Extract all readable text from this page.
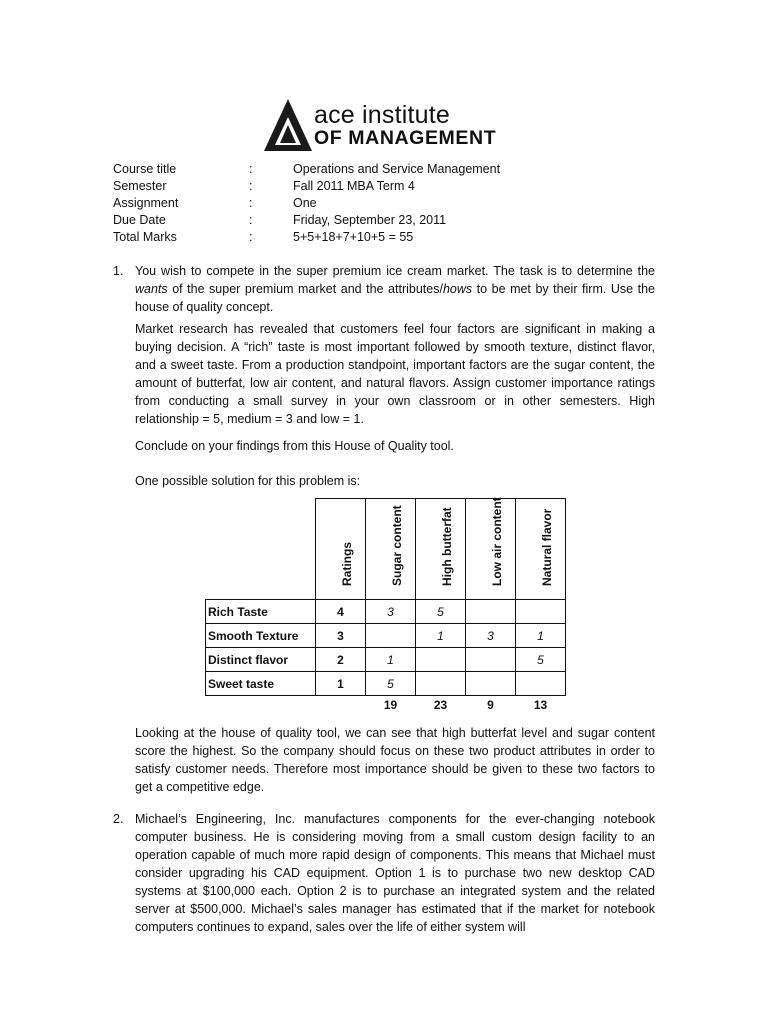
ace institute
OF MANAGEMENT
Course title	:	Operations and Service Management
Semester	:	Fall 2011 MBA Term 4
Assignment	:	One
Due Date	:	Friday, September 23, 2011
Total Marks	:	5+5+18+7+10+5 = 55
1. You wish to compete in the super premium ice cream market. The task is to determine the wants of the super premium market and the attributes/hows to be met by their firm. Use the house of quality concept.
Market research has revealed that customers feel four factors are significant in making a buying decision. A “rich” taste is most important followed by smooth texture, distinct flavor, and a sweet taste. From a production standpoint, important factors are the sugar content, the amount of butterfat, low air content, and natural flavors. Assign customer importance ratings from conducting a small survey in your own classroom or in other semesters. High relationship = 5, medium = 3 and low = 1.
Conclude on your findings from this House of Quality tool.
One possible solution for this problem is:

	Ratings	Sugar content	High butterfat	Low air content	Natural flavor

Rich Taste	4	3	5		
Smooth Texture	3		1	3	1
Distinct flavor	2	1			5
Sweet taste	1	5			
		19	23	9	13
Looking at the house of quality tool, we can see that high butterfat level and sugar content score the highest. So the company should focus on these two product attributes in order to satisfy customer needs. Therefore most importance should be given to these two factors to get a competitive edge.
2. Michael’s Engineering, Inc. manufactures components for the ever-changing notebook computer business. He is considering moving from a small custom design facility to an operation capable of much more rapid design of components. This means that Michael must consider upgrading his CAD equipment. Option 1 is to purchase two new desktop CAD systems at $100,000 each. Option 2 is to purchase an integrated system and the related server at $500,000. Michael’s sales manager has estimated that if the market for notebook computers continues to expand, sales over the life of either system will
